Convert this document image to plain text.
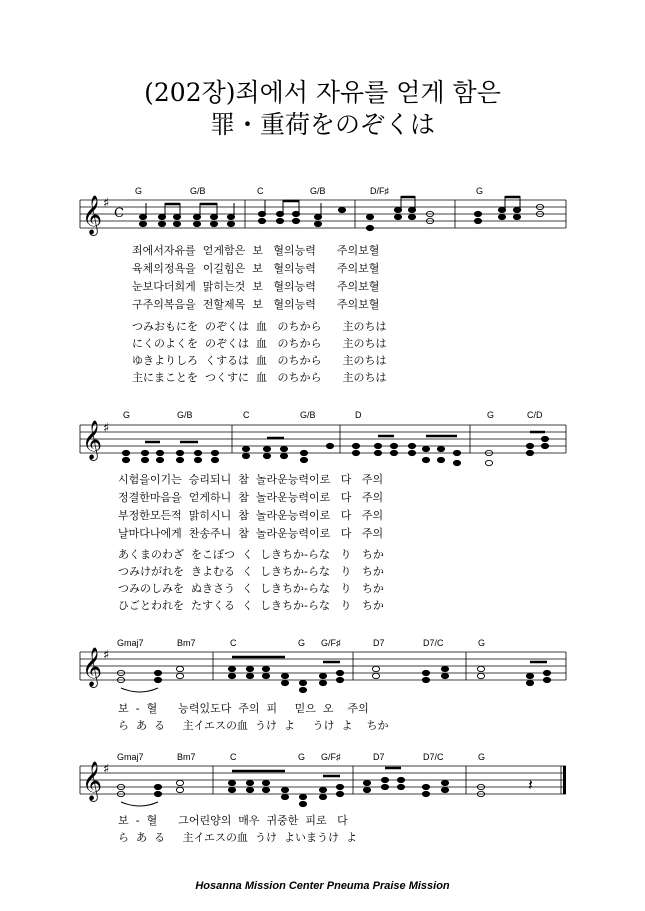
(202장)죄에서 자유를 얻게 함은
罪・重荷をのぞくは
G	G/B	C	G/B	D/F♯	G
G	G/B	C	G/B	D	G	C/D
Gmaj7	Bm7	C	G G/F♯	D7	D7/C	G
Gmaj7	Bm7	C	G G/F♯	D7	D7/C	G
𝄞 ♯
C
𝄞 ♯
𝄞 ♯
𝄞 ♯
𝄽
죄에서자유를  얻게함은  보   혈의능력      주의보혈
육체의정욕을  이길힘은  보   혈의능력      주의보혈
눈보다더희게  맑히는것  보   혈의능력      주의보혈
구주의복음을  전할제목  보   혈의능력      주의보혈
つみおもにを  のぞくは  血   のちから      主のちは
にくのよくを  のぞくは  血   のちから      主のちは
ゆきよりしろ  くするは  血   のちから      主のちは
主にまことを  つくすに  血   のちから      主のちは
시험을이기는  승리되니  참  놀라운능력이로   다   주의
정결한마음을  얻게하니  참  놀라운능력이로   다   주의
부정한모든적  맑히시니  참  놀라운능력이로   다   주의
날마다나에게  찬송주니  참  놀라운능력이로   다   주의
あくまのわざ  をこぼつ  く  しきちか-らな   り   ちか
つみけがれを  きよむる  く  しきちか-らな   り   ちか
つみのしみを  ぬきさう  く  しきちか-らな   り   ちか
ひごとわれを  たすくる  く  しきちか-らな   り   ちか
보  -  혈      능력있도다  주의  피     믿으  오    주의
ら  あ  る     主イエスの血  うけ  よ     うけ  よ    ちか
보  -  혈      그어린양의  매우  귀중한  피로   다
ら  あ  る     主イエスの血  うけ  よいまうけ  よ
Hosanna Mission Center Pneuma Praise Mission
